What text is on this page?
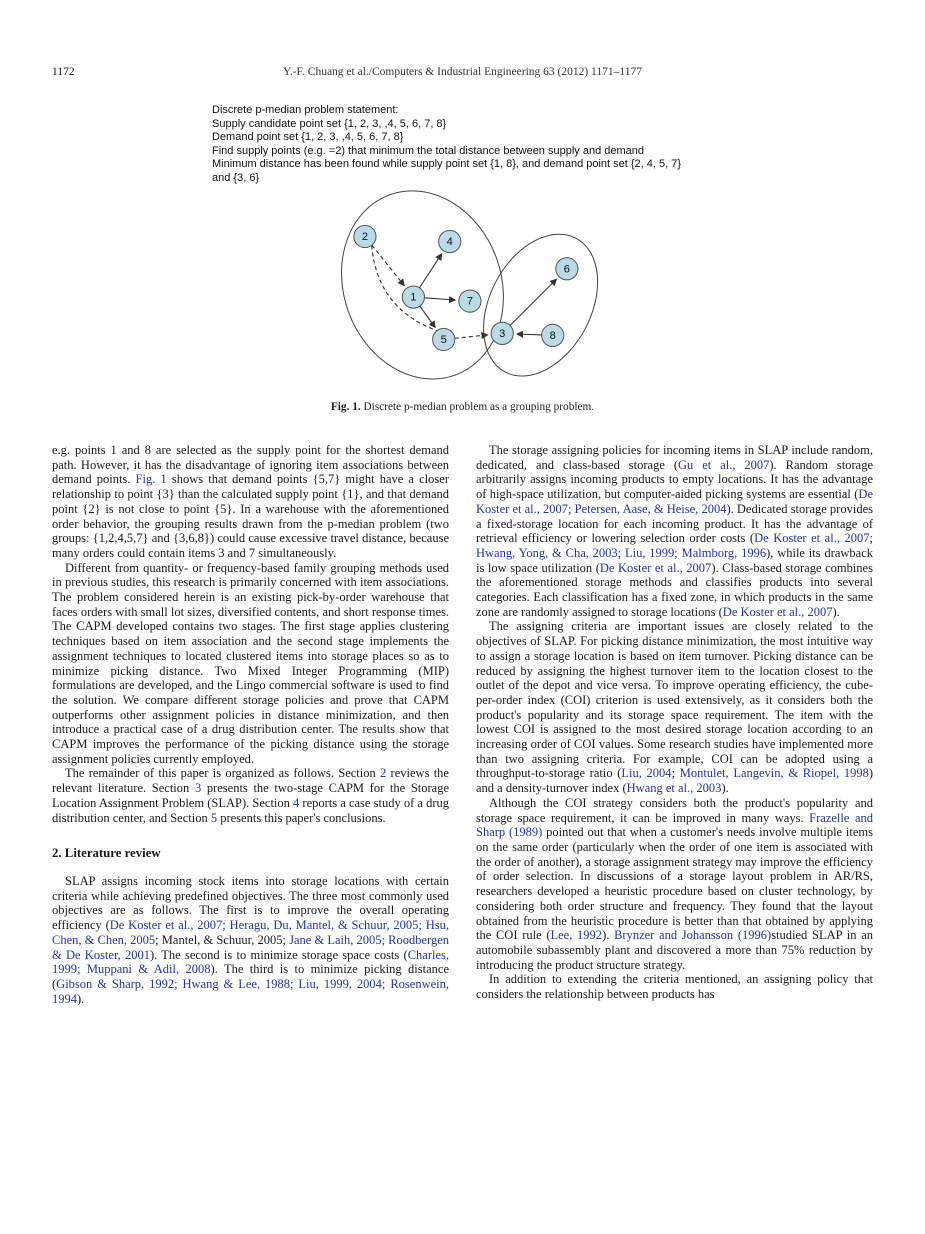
1172	Y.-F. Chuang et al./Computers & Industrial Engineering 63 (2012) 1171–1177
Discrete p-median problem statement:
Supply candidate point set {1, 2, 3, ,4, 5, 6, 7, 8}
Demand point set {1, 2, 3, ,4, 5, 6, 7, 8}
Find supply points (e.g. =2) that minimum the total distance between supply and demand
Minimum distance has been found while supply point set {1, 8}, and demand point set {2, 4, 5, 7}
and {3, 6}
2	4
1	7
5
6
3	8
Fig. 1. Discrete p-median problem as a grouping problem.

e.g. points 1 and 8 are selected as the supply point for the shortest demand path. However, it has the disadvantage of ignoring item associations between demand points. Fig. 1 shows that demand points {5,7} might have a closer relationship to point {3} than the calculated supply point {1}, and that demand point {2} is not close to point {5}. In a warehouse with the aforementioned order behavior, the grouping results drawn from the p-median problem (two groups: {1,2,4,5,7} and {3,6,8}) could cause excessive travel distance, because many orders could contain items 3 and 7 simultaneously.

Different from quantity- or frequency-based family grouping methods used in previous studies, this research is primarily concerned with item associations. The problem considered herein is an existing pick-by-order warehouse that faces orders with small lot sizes, diversified contents, and short response times. The CAPM developed contains two stages. The first stage applies clustering techniques based on item association and the second stage implements the assignment techniques to located clustered items into storage places so as to minimize picking distance. Two Mixed Integer Programming (MIP) formulations are developed, and the Lingo commercial software is used to find the solution. We compare different storage policies and prove that CAPM outperforms other assignment policies in distance minimization, and then introduce a practical case of a drug distribution center. The results show that CAPM improves the performance of the picking distance using the storage assignment policies currently employed.

The remainder of this paper is organized as follows. Section 2 reviews the relevant literature. Section 3 presents the two-stage CAPM for the Storage Location Assignment Problem (SLAP). Section 4 reports a case study of a drug distribution center, and Section 5 presents this paper's conclusions.

2. Literature review

SLAP assigns incoming stock items into storage locations with certain criteria while achieving predefined objectives. The three most commonly used objectives are as follows. The first is to improve the overall operating efficiency (De Koster et al., 2007; Heragu, Du, Mantel, & Schuur, 2005; Hsu, Chen, & Chen, 2005; Mantel, & Schuur, 2005; Jane & Laih, 2005; Roodbergen & De Koster, 2001). The second is to minimize storage space costs (Charles, 1999; Muppani & Adil, 2008). The third is to minimize picking distance (Gibson & Sharp, 1992; Hwang & Lee, 1988; Liu, 1999, 2004; Rosenwein, 1994).

The storage assigning policies for incoming items in SLAP include random, dedicated, and class-based storage (Gu et al., 2007). Random storage arbitrarily assigns incoming products to empty locations. It has the advantage of high-space utilization, but computer-aided picking systems are essential (De Koster et al., 2007; Petersen, Aase, & Heise, 2004). Dedicated storage provides a fixed-storage location for each incoming product. It has the advantage of retrieval efficiency or lowering selection order costs (De Koster et al., 2007; Hwang, Yong, & Cha, 2003; Liu, 1999; Malmborg, 1996), while its drawback is low space utilization (De Koster et al., 2007). Class-based storage combines the aforementioned storage methods and classifies products into several categories. Each classification has a fixed zone, in which products in the same zone are randomly assigned to storage locations (De Koster et al., 2007).

The assigning criteria are important issues are closely related to the objectives of SLAP. For picking distance minimization, the most intuitive way to assign a storage location is based on item turnover. Picking distance can be reduced by assigning the highest turnover item to the location closest to the outlet of the depot and vice versa. To improve operating efficiency, the cube-per-order index (COI) criterion is used extensively, as it considers both the product's popularity and its storage space requirement. The item with the lowest COI is assigned to the most desired storage location according to an increasing order of COI values. Some research studies have implemented more than two assigning criteria. For example, COI can be adopted using a throughput-to-storage ratio (Liu, 2004; Montulet, Langevin, & Riopel, 1998) and a density-turnover index (Hwang et al., 2003).

Although the COI strategy considers both the product's popularity and storage space requirement, it can be improved in many ways. Frazelle and Sharp (1989) pointed out that when a customer's needs involve multiple items on the same order (particularly when the order of one item is associated with the order of another), a storage assignment strategy may improve the efficiency of order selection. In discussions of a storage layout problem in AR/RS, researchers developed a heuristic procedure based on cluster technology, by considering both order structure and frequency. They found that the layout obtained from the heuristic procedure is better than that obtained by applying the COI rule (Lee, 1992). Brynzer and Johansson (1996)studied SLAP in an automobile subassembly plant and discovered a more than 75% reduction by introducing the product structure strategy.

In addition to extending the criteria mentioned, an assigning policy that considers the relationship between products has
